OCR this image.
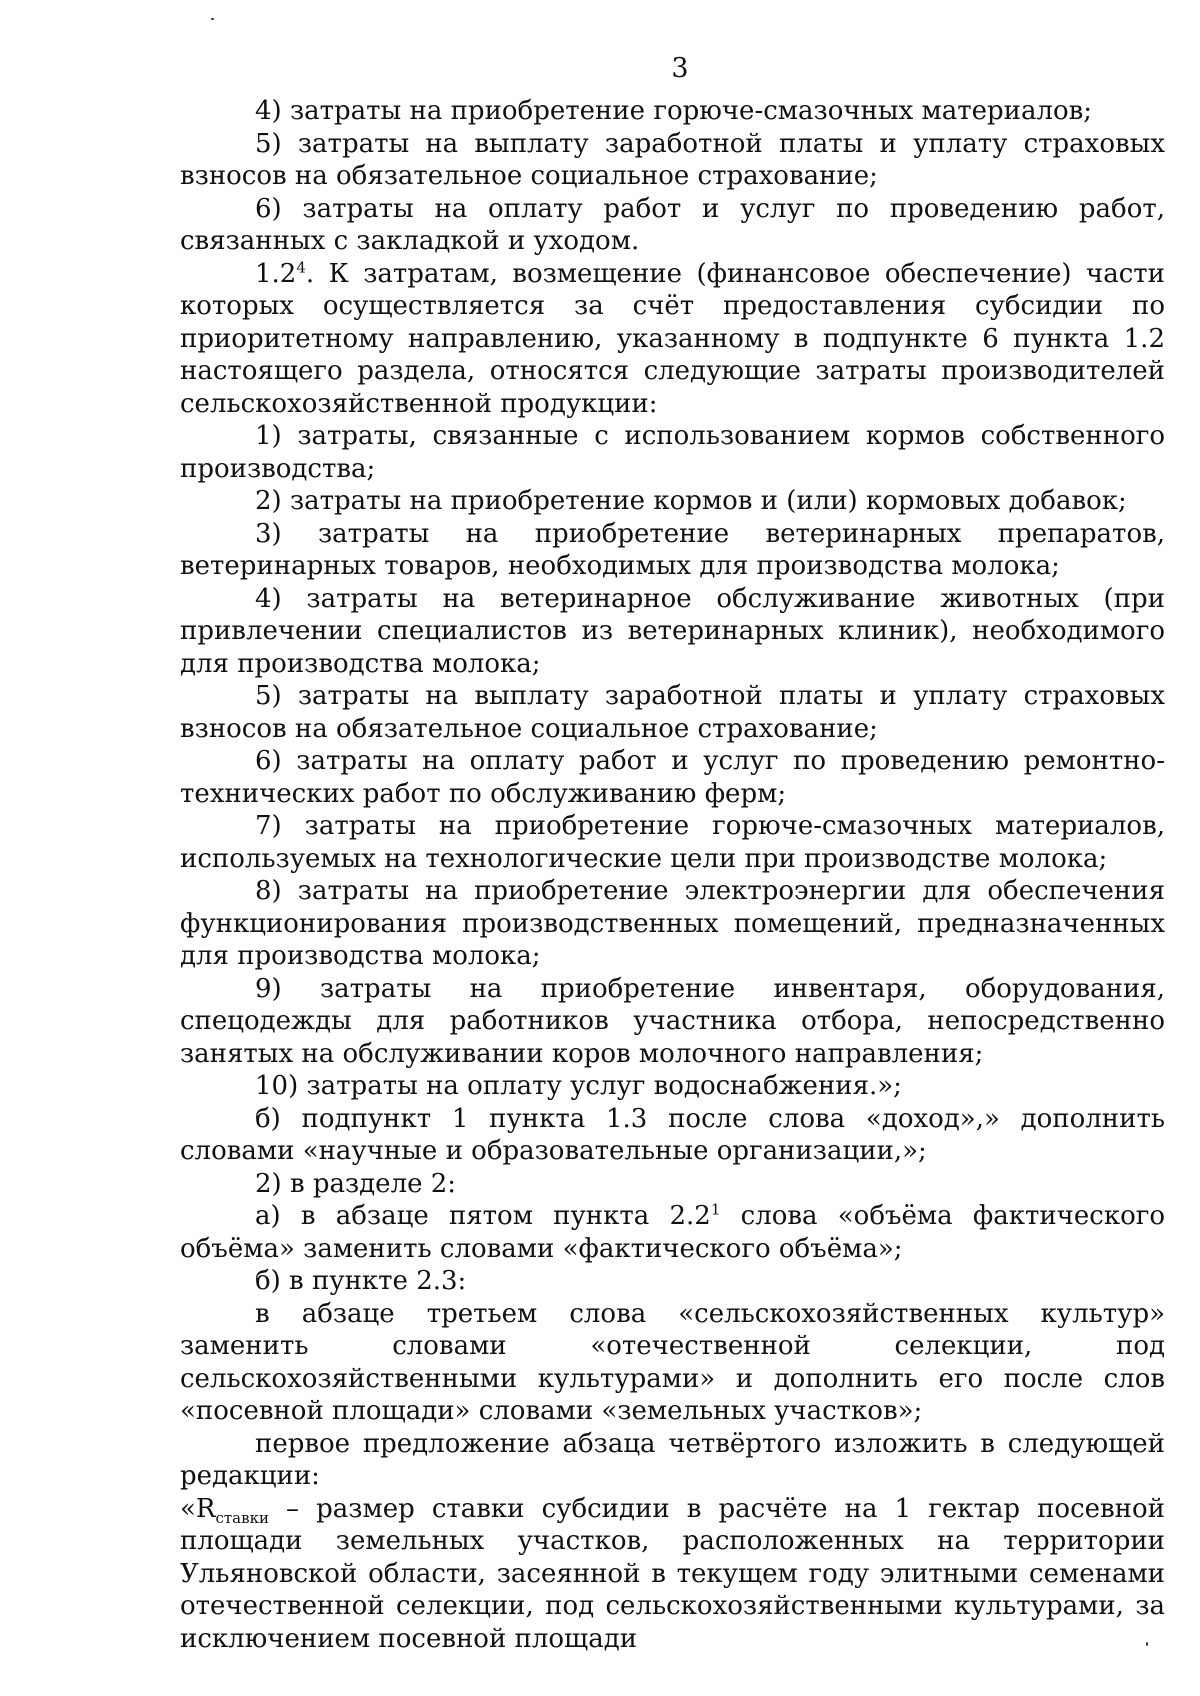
3

4) затраты на приобретение горюче-смазочных материалов;

5) затраты на выплату заработной платы и уплату страховых взносов на обязательное социальное страхование;

6) затраты на оплату работ и услуг по проведению работ, связанных с закладкой и уходом.

$1.2^4$. К затратам, возмещение (финансовое обеспечение) части которых осуществляется за счёт предоставления субсидии по приоритетному направлению, указанному в подпункте 6 пункта 1.2 настоящего раздела, относятся следующие затраты производителей сельскохозяйственной продукции:

1) затраты, связанные с использованием кормов собственного производства;

2) затраты на приобретение кормов и (или) кормовых добавок;

3) затраты на приобретение ветеринарных препаратов, ветеринарных товаров, необходимых для производства молока;

4) затраты на ветеринарное обслуживание животных (при привлечении специалистов из ветеринарных клиник), необходимого для производства молока;

5) затраты на выплату заработной платы и уплату страховых взносов на обязательное социальное страхование;

6) затраты на оплату работ и услуг по проведению ремонтно-технических работ по обслуживанию ферм;

7) затраты на приобретение горюче-смазочных материалов, используемых на технологические цели при производстве молока;

8) затраты на приобретение электроэнергии для обеспечения функционирования производственных помещений, предназначенных для производства молока;

9) затраты на приобретение инвентаря, оборудования, спецодежды для работников участника отбора, непосредственно занятых на обслуживании коров молочного направления;

10) затраты на оплату услуг водоснабжения.»;

б) подпункт 1 пункта 1.3 после слова «доход»,» дополнить словами «научные и образовательные организации,»;

2) в разделе 2:

а) в абзаце пятом пункта $2.2^1$ слова «объёма фактического объёма» заменить словами «фактического объёма»;

б) в пункте 2.3:

в абзаце третьем слова «сельскохозяйственных культур» заменить словами «отечественной селекции, под сельскохозяйственными культурами» и дополнить его после слов «посевной площади» словами «земельных участков»;

первое предложение абзаца четвёртого изложить в следующей редакции:

«$R_{ставки}$ – размер ставки субсидии в расчёте на 1 гектар посевной площади земельных участков, расположенных на территории Ульяновской области, засеянной в текущем году элитными семенами отечественной селекции, под сельскохозяйственными культурами, за исключением посевной площади
